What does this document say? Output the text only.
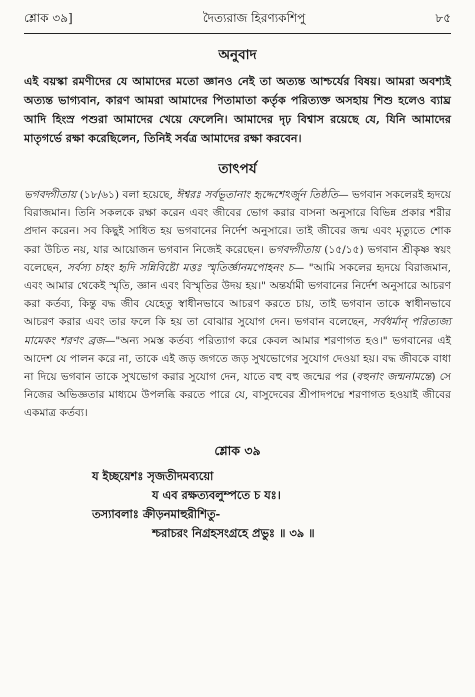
শ্লোক ৩৯]	দৈত্যরাজ হিরণ্যকশিপু	৮৫
অনুবাদ

এই বয়স্কা রমণীদের যে আমাদের মতো জ্ঞানও নেই তা অত্যন্ত আশ্চর্যের বিষয়। আমরা অবশ্যই অত্যন্ত ভাগ্যবান, কারণ আমরা আমাদের পিতামাতা কর্তৃক পরিত্যক্ত অসহায় শিশু হলেও ব্যাঘ্র আদি হিংস্র পশুরা আমাদের খেয়ে ফেলেনি। আমাদের দৃঢ় বিশ্বাস রয়েছে যে, যিনি আমাদের মাতৃগর্ভে রক্ষা করেছিলেন, তিনিই সর্বত্র আমাদের রক্ষা করবেন।

তাৎপর্য

ভগবদ্গীতায় (১৮/৬১) বলা হয়েছে, ঈশ্বরঃ সর্বভূতানাং হৃদ্দেশেঽর্জুন তিষ্ঠতি— ভগবান সকলেরই হৃদয়ে বিরাজমান। তিনি সকলকে রক্ষা করেন এবং জীবের ভোগ করার বাসনা অনুসারে বিভিন্ন প্রকার শরীর প্রদান করেন। সব কিছুই সাধিত হয় ভগবানের নির্দেশ অনুসারে। তাই জীবের জন্ম এবং মৃত্যুতে শোক করা উচিত নয়, যার আয়োজন ভগবান নিজেই করেছেন। ভগবদ্গীতায় (১৫/১৫) ভগবান শ্রীকৃষ্ণ স্বয়ং বলেছেন, সর্বস্য চাহং হৃদি সন্নিবিষ্টো মত্তঃ স্মৃতির্জ্ঞানমপোহনং চ— "আমি সকলের হৃদয়ে বিরাজমান, এবং আমার থেকেই স্মৃতি, জ্ঞান এবং বিস্মৃতির উদয় হয়।" অন্তর্যামী ভগবানের নির্দেশ অনুসারে আচরণ করা কর্তব্য, কিন্তু বদ্ধ জীব যেহেতু স্বাধীনভাবে আচরণ করতে চায়, তাই ভগবান তাকে স্বাধীনভাবে আচরণ করার এবং তার ফলে কি হয় তা বোঝার সুযোগ দেন। ভগবান বলেছেন, সর্বধর্মান্ পরিত্যজ্য মামেকং শরণং ব্রজ—"অন্য সমস্ত কর্তব্য পরিত্যাগ করে কেবল আমার শরণাগত হও।" ভগবানের এই আদেশ যে পালন করে না, তাকে এই জড় জগতে জড় সুখভোগের সুযোগ দেওয়া হয়। বদ্ধ জীবকে বাধা না দিয়ে ভগবান তাকে সুখভোগ করার সুযোগ দেন, যাতে বহু বহু জন্মের পর (বহুনাং জন্মনামন্তে) সে নিজের অভিজ্ঞতার মাধ্যমে উপলব্ধি করতে পারে যে, বাসুদেবের শ্রীপাদপদ্মে শরণাগত হওয়াই জীবের একমাত্র কর্তব্য।

শ্লোক ৩৯
য ইচ্ছয়েশঃ সৃজতীদমব্যয়ো
য এব রক্ষত্যবলুম্পতে চ যঃ।
তস্যাবলাঃ ক্রীড়নমাহুরীশিতু-
শ্চরাচরং নিগ্রহসংগ্রহে প্রভুঃ ॥ ৩৯ ॥
